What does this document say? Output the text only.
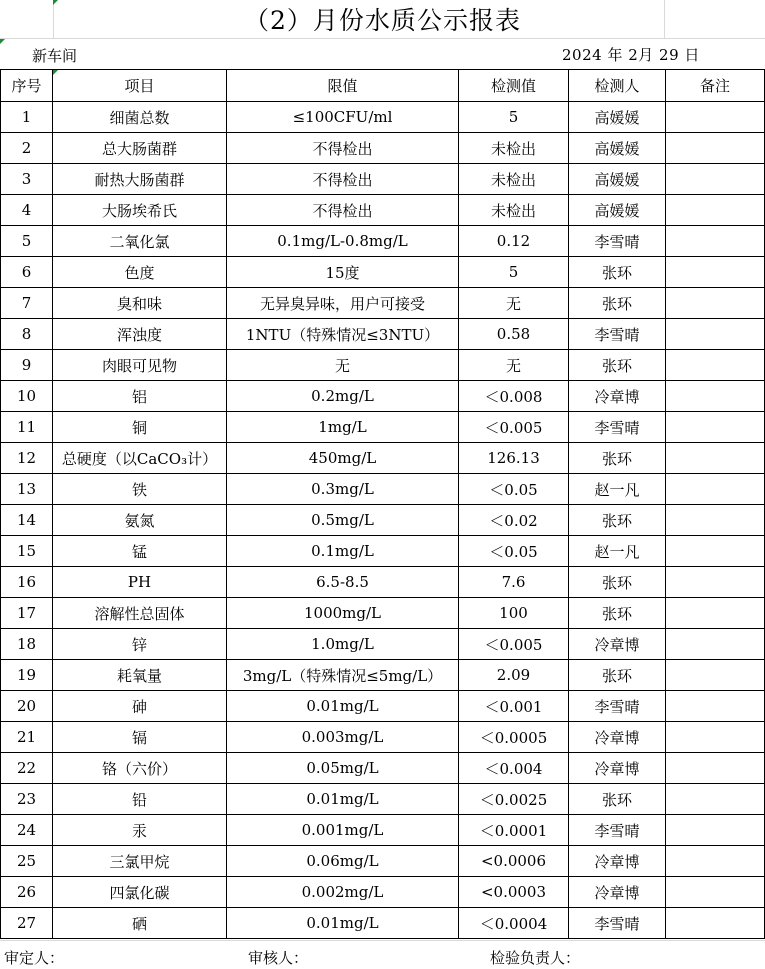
（2）月份水质公示报表
新车间	2024 年 2月 29 日
序号	项目	限值	检测值	检测人	备注
1	细菌总数	≤100CFU/ml	5	高媛媛	
2	总大肠菌群	不得检出	未检出	高媛媛	
3	耐热大肠菌群	不得检出	未检出	高媛媛	
4	大肠埃希氏	不得检出	未检出	高媛媛	
5	二氧化氯	0.1mg/L-0.8mg/L	0.12	李雪晴	
6	色度	15度	5	张环	
7	臭和味	无异臭异味，用户可接受	无	张环	
8	浑浊度	1NTU（特殊情况≤3NTU）	0.58	李雪晴	
9	肉眼可见物	无	无	张环	
10	铝	0.2mg/L	＜0.008	冷章博	
11	铜	1mg/L	＜0.005	李雪晴	
12	总硬度（以CaCO₃计）	450mg/L	126.13	张环	
13	铁	0.3mg/L	＜0.05	赵一凡	
14	氨氮	0.5mg/L	＜0.02	张环	
15	锰	0.1mg/L	＜0.05	赵一凡	
16	PH	6.5-8.5	7.6	张环	
17	溶解性总固体	1000mg/L	100	张环	
18	锌	1.0mg/L	＜0.005	冷章博	
19	耗氧量	3mg/L（特殊情况≤5mg/L）	2.09	张环	
20	砷	0.01mg/L	＜0.001	李雪晴	
21	镉	0.003mg/L	＜0.0005	冷章博	
22	铬（六价）	0.05mg/L	＜0.004	冷章博	
23	铅	0.01mg/L	＜0.0025	张环	
24	汞	0.001mg/L	＜0.0001	李雪晴	
25	三氯甲烷	0.06mg/L	<0.0006	冷章博	
26	四氯化碳	0.002mg/L	<0.0003	冷章博	
27	硒	0.01mg/L	＜0.0004	李雪晴	
审定人：	审核人：	检验负责人：
